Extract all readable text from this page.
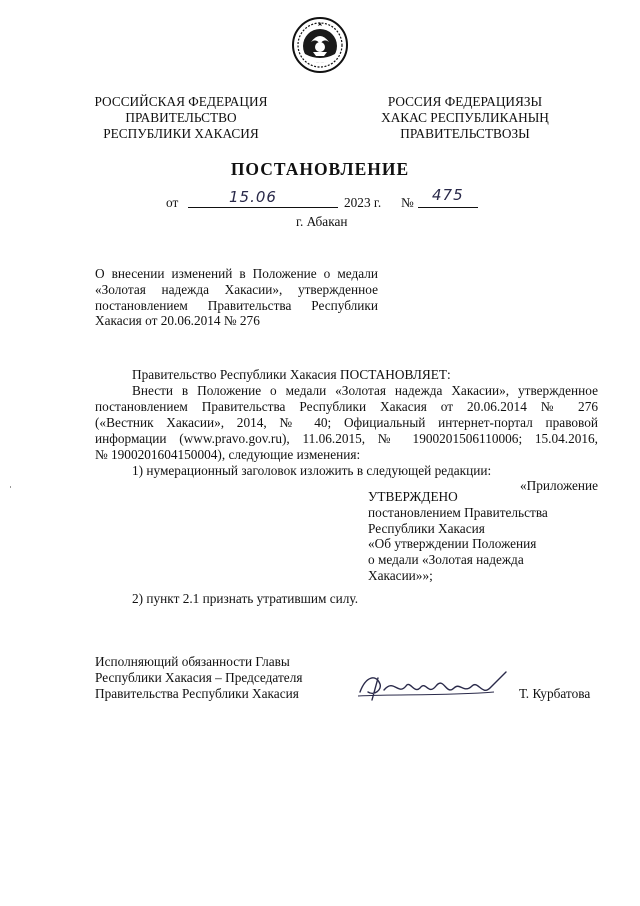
РОССИЙСКАЯ ФЕДЕРАЦИЯ
ПРАВИТЕЛЬСТВО
РЕСПУБЛИКИ ХАКАСИЯ
РОССИЯ ФЕДЕРАЦИЯЗЫ
ХАКАС РЕСПУБЛИКАНЫҢ
ПРАВИТЕЛЬСТВОЗЫ
ПОСТАНОВЛЕНИЕ
от	15.06	2023 г. № 475
г. Абакан
О внесении изменений в Положение о медали «Золотая надежда Хакасии», утвержденное постановлением Правительства Республики Хакасия от 20.06.2014 № 276
Правительство Республики Хакасия ПОСТАНОВЛЯЕТ:
Внести в Положение о медали «Золотая надежда Хакасии», утвержденное
постановлением Правительства Республики Хакасия от 20.06.2014 № 276
(«Вестник Хакасии», 2014, № 40; Официальный интернет-портал правовой
информации (www.pravo.gov.ru), 11.06.2015, № 1900201506110006; 15.04.2016,
№ 1900201604150004), следующие изменения:
1) нумерационный заголовок изложить в следующей редакции:
«Приложение
УТВЕРЖДЕНО
постановлением Правительства
Республики Хакасия
«Об утверждении Положения
о медали «Золотая надежда
Хакасии»»;
2) пункт 2.1 признать утратившим силу.
Исполняющий обязанности Главы
Республики Хакасия – Председателя
Правительства Республики Хакасия	Т. Курбатова
